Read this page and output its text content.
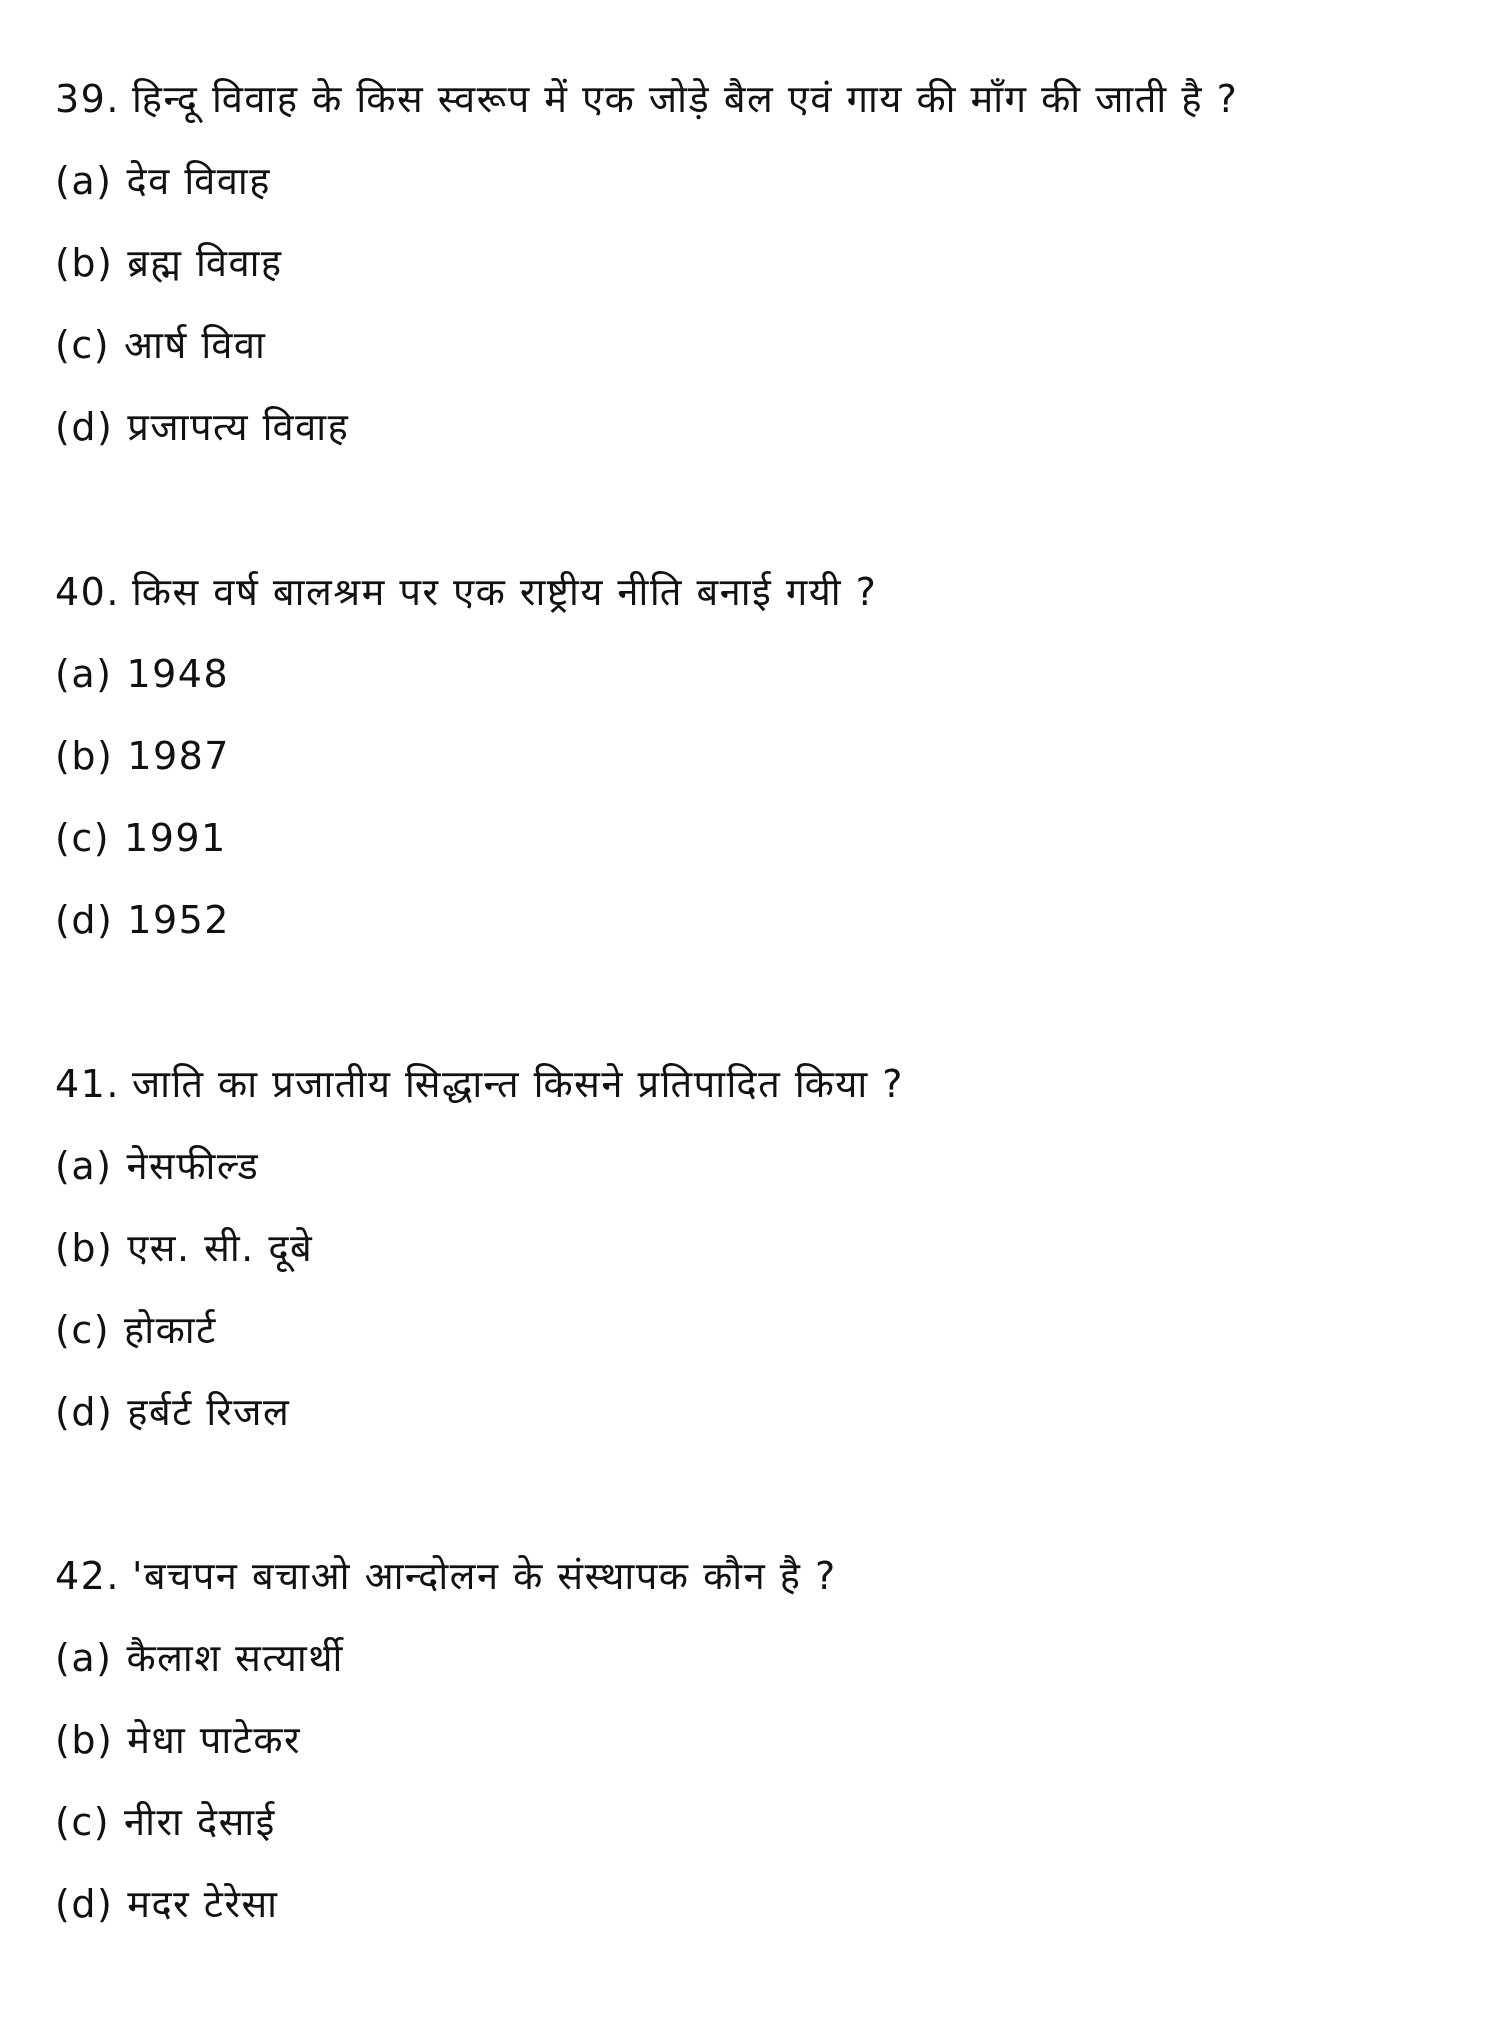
39. हिन्दू विवाह के किस स्वरूप में एक जोड़े बैल एवं गाय की माँग की जाती है ?
(a) देव विवाह
(b) ब्रह्म विवाह
(c) आर्ष विवा
(d) प्रजापत्य विवाह
40. किस वर्ष बालश्रम पर एक राष्ट्रीय नीति बनाई गयी ?
(a) 1948
(b) 1987
(c) 1991
(d) 1952
41. जाति का प्रजातीय सिद्धान्त किसने प्रतिपादित किया ?
(a) नेसफील्ड
(b) एस. सी. दूबे
(c) होकार्ट
(d) हर्बर्ट रिजल
42. 'बचपन बचाओ आन्दोलन के संस्थापक कौन है ?
(a) कैलाश सत्यार्थी
(b) मेधा पाटेकर
(c) नीरा देसाई
(d) मदर टेरेसा
